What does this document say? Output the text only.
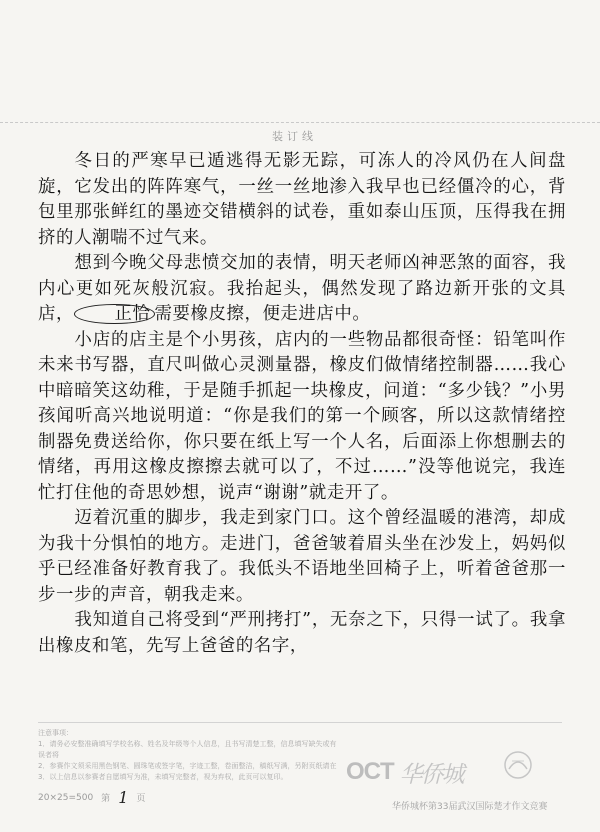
装订线

冬日的严寒早已遁逃得无影无踪，可冻人的冷风仍在人间盘旋，它发出的阵阵寒气，一丝一丝地渗入我早也已经僵冷的心，背包里那张鲜红的墨迹交错横斜的试卷，重如泰山压顶，压得我在拥挤的人潮喘不过气来。

想到今晚父母悲愤交加的表情，明天老师凶神恶煞的面容，我内心更如死灰般沉寂。我抬起头，偶然发现了路边新开张的文具店， 正恰 需要橡皮擦，便走进店中。

小店的店主是个小男孩，店内的一些物品都很奇怪：铅笔叫作未来书写器，直尺叫做心灵测量器，橡皮们做情绪控制器……我心中暗暗笑这幼稚，于是随手抓起一块橡皮，问道：“多少钱？”小男孩闻听高兴地说明道：“你是我们的第一个顾客，所以这款情绪控制器免费送给你，你只要在纸上写一个人名，后面添上你想删去的情绪，再用这橡皮擦擦去就可以了，不过……”没等他说完，我连忙打住他的奇思妙想，说声“谢谢”就走开了。

迈着沉重的脚步，我走到家门口。这个曾经温暖的港湾，却成为我十分惧怕的地方。走进门，爸爸皱着眉头坐在沙发上，妈妈似乎已经准备好教育我了。我低头不语地坐回椅子上，听着爸爸那一步一步的声音，朝我走来。

我知道自己将受到“严刑拷打”，无奈之下，只得一试了。我拿出橡皮和笔，先写上爸爸的名字，

注意事项：
1．请务必安整准确填写学校名称、姓名及年级等个人信息，且书写清楚工整，信息填写缺失或有误者将
2．参赛作文须采用黑色钢笔、圆珠笔或签字笔，字迹工整，卷面整洁，稿纸写满，另附页纸请在
3．以上信息以参赛者自愿填写为准，未填写完整者，视为弃权，此页可以复印。
20×25=500 第 1 页
OCT 华侨城
华侨城杯第33届武汉国际楚才作文竞赛
